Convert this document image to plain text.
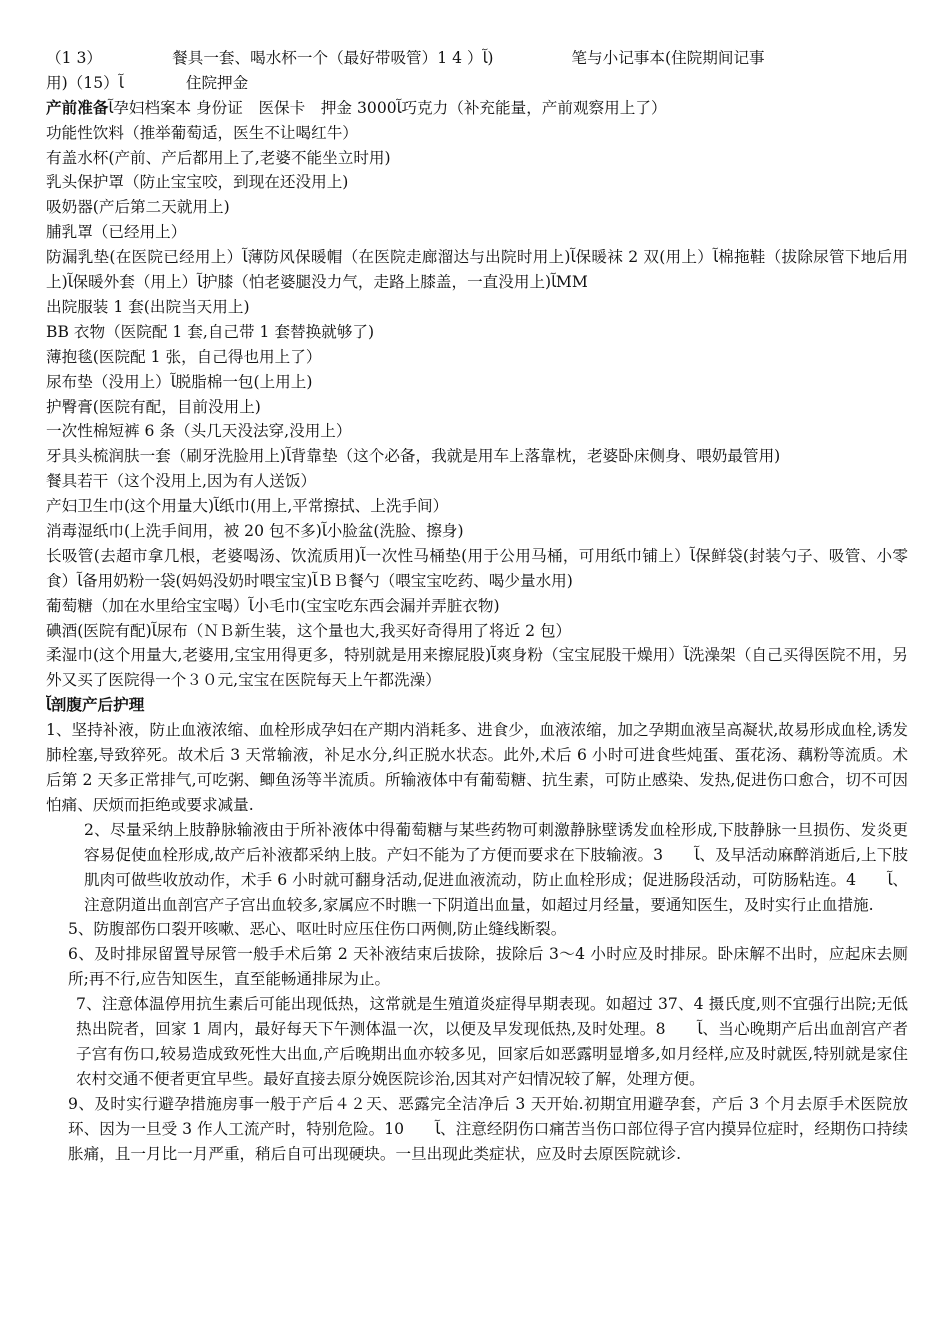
（1 3）　　　　　餐具一套、喝水杯一个（最好带吸管）1 4 ）ﺂ)　　　　　笔与小记事本(住院期间记事
用)（15）ﺂ　　　　住院押金
产前准备ﺂ孕妇档案本 身份证　医保卡　押金 3000ﺂ巧克力（补充能量，产前观察用上了）
功能性饮料（推举葡萄适，医生不让喝红牛）
有盖水杯(产前、产后都用上了,老婆不能坐立时用)
乳头保护罩（防止宝宝咬，到现在还没用上)
吸奶器(产后第二天就用上)
脯乳罩（已经用上）
防漏乳垫(在医院已经用上）ﺂ薄防风保暖帽（在医院走廊溜达与出院时用上)ﺂ保暖袜 2 双(用上）ﺂ棉拖鞋（拔除尿管下地后用上)ﺂ保暖外套（用上）ﺂ护膝（怕老婆腿没力气，走路上膝盖，一直没用上)ﺂMM
出院服装 1 套(出院当天用上)
BB 衣物（医院配 1 套,自己带 1 套替换就够了)
薄抱毯(医院配 1 张，自己得也用上了）
尿布垫（没用上）ﺂ脱脂棉一包(上用上)
护臀膏(医院有配，目前没用上)
一次性棉短裤 6 条（头几天没法穿,没用上）
牙具头梳润肤一套（刷牙洗脸用上)ﺂ背靠垫（这个必备，我就是用车上落靠枕，老婆卧床侧身、喂奶最管用)
餐具若干（这个没用上,因为有人送饭）
产妇卫生巾(这个用量大)ﺂ纸巾(用上,平常擦拭、上洗手间）
消毒湿纸巾(上洗手间用，被 20 包不多)ﺂ小脸盆(洗脸、擦身)
长吸管(去超市拿几根，老婆喝汤、饮流质用)ﺂ一次性马桶垫(用于公用马桶，可用纸巾铺上）ﺂ保鲜袋(封装勺子、吸管、小零食）ﺂ备用奶粉一袋(妈妈没奶时喂宝宝)ﺂＢＢ餐勺（喂宝宝吃药、喝少量水用)
葡萄糖（加在水里给宝宝喝）ﺂ小毛巾(宝宝吃东西会漏并弄脏衣物)
碘酒(医院有配)ﺂ尿布（ＮＢ新生装，这个量也大,我买好奇得用了将近 2 包）
柔湿巾(这个用量大,老婆用,宝宝用得更多，特别就是用来擦屁股)ﺂ爽身粉（宝宝屁股干燥用）ﺂ洗澡架（自己买得医院不用，另外又买了医院得一个３０元,宝宝在医院每天上午都洗澡）
ﺂ剖腹产后护理
1、坚持补液，防止血液浓缩、血栓形成孕妇在产期内消耗多、进食少，血液浓缩，加之孕期血液呈高凝状,故易形成血栓,诱发肺栓塞,导致猝死。故术后 3 天常输液，补足水分,纠正脱水状态。此外,术后 6 小时可进食些炖蛋、蛋花汤、藕粉等流质。术后第 2 天多正常排气,可吃粥、鲫鱼汤等半流质。所输液体中有葡萄糖、抗生素，可防止感染、发热,促进伤口愈合，切不可因怕痛、厌烦而拒绝或要求减量.
2、尽量采纳上肢静脉输液由于所补液体中得葡萄糖与某些药物可刺激静脉壁诱发血栓形成,下肢静脉一旦损伤、发炎更容易促使血栓形成,故产后补液都采纳上肢。产妇不能为了方便而要求在下肢输液。3　　ﺂ、及早活动麻醉消逝后,上下肢肌肉可做些收放动作，术手 6 小时就可翻身活动,促进血液流动，防止血栓形成；促进肠段活动，可防肠粘连。4　　ﺂ、注意阴道出血剖宫产子宫出血较多,家属应不时瞧一下阴道出血量，如超过月经量，要通知医生，及时实行止血措施.
5、防腹部伤口裂开咳嗽、恶心、呕吐时应压住伤口两侧,防止缝线断裂。
6、及时排尿留置导尿管一般手术后第 2 天补液结束后拔除，拔除后 3～4 小时应及时排尿。卧床解不出时，应起床去厕所;再不行,应告知医生，直至能畅通排尿为止。
7、注意体温停用抗生素后可能出现低热，这常就是生殖道炎症得早期表现。如超过 37、4 摄氏度,则不宜强行出院;无低热出院者，回家 1 周内，最好每天下午测体温一次，以便及早发现低热,及时处理。8　　ﺂ、当心晚期产后出血剖宫产者子宫有伤口,较易造成致死性大出血,产后晚期出血亦较多见，回家后如恶露明显增多,如月经样,应及时就医,特别就是家住农村交通不便者更宜早些。最好直接去原分娩医院诊治,因其对产妇情况较了解，处理方便。
9、及时实行避孕措施房事一般于产后４２天、恶露完全洁净后 3 天开始.初期宜用避孕套，产后 3 个月去原手术医院放环、因为一旦受 3 作人工流产时，特别危险。10　　ﺂ、注意经阴伤口痛苦当伤口部位得子宫内摸异位症时，经期伤口持续胀痛，且一月比一月严重，稍后自可出现硬块。一旦出现此类症状，应及时去原医院就诊.
